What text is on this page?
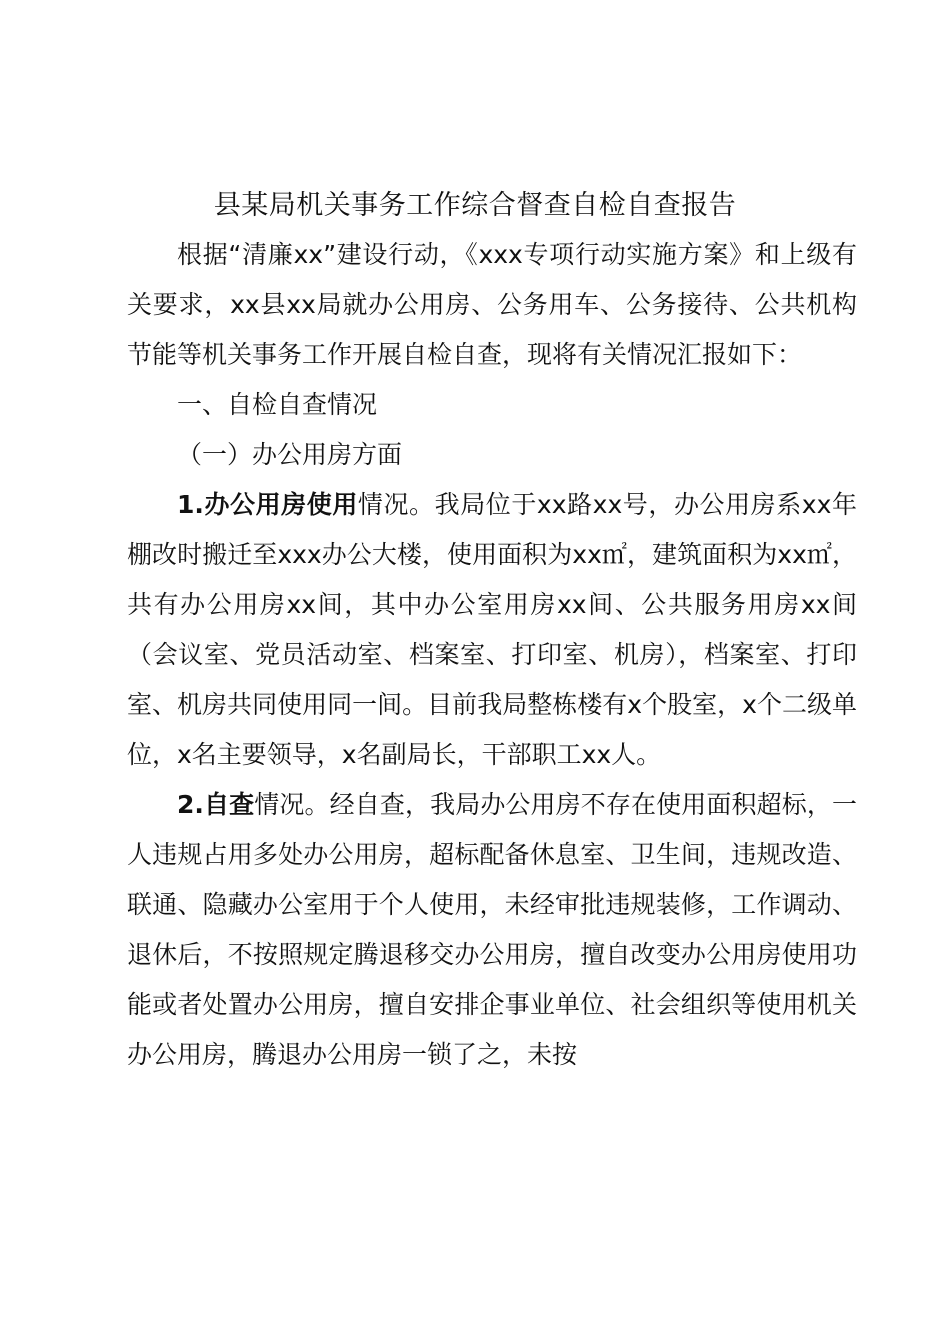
县某局机关事务工作综合督查自检自查报告

根据“清廉xx”建设行动，《xxx专项行动实施方案》和上级有关要求，xx县xx局就办公用房、公务用车、公务接待、公共机构节能等机关事务工作开展自检自查，现将有关情况汇报如下：

一、自检自查情况

（一）办公用房方面

1.办公用房使用情况。我局位于xx路xx号，办公用房系xx年棚改时搬迁至xxx办公大楼，使用面积为xx㎡，建筑面积为xx㎡，共有办公用房xx间，其中办公室用房xx间、公共服务用房xx间（会议室、党员活动室、档案室、打印室、机房），档案室、打印室、机房共同使用同一间。目前我局整栋楼有x个股室，x个二级单位，x名主要领导，x名副局长，干部职工xx人。

2.自查情况。经自查，我局办公用房不存在使用面积超标，一人违规占用多处办公用房，超标配备休息室、卫生间，违规改造、联通、隐藏办公室用于个人使用，未经审批违规装修，工作调动、退休后，不按照规定腾退移交办公用房，擅自改变办公用房使用功能或者处置办公用房，擅自安排企事业单位、社会组织等使用机关办公用房，腾退办公用房一锁了之，未按
